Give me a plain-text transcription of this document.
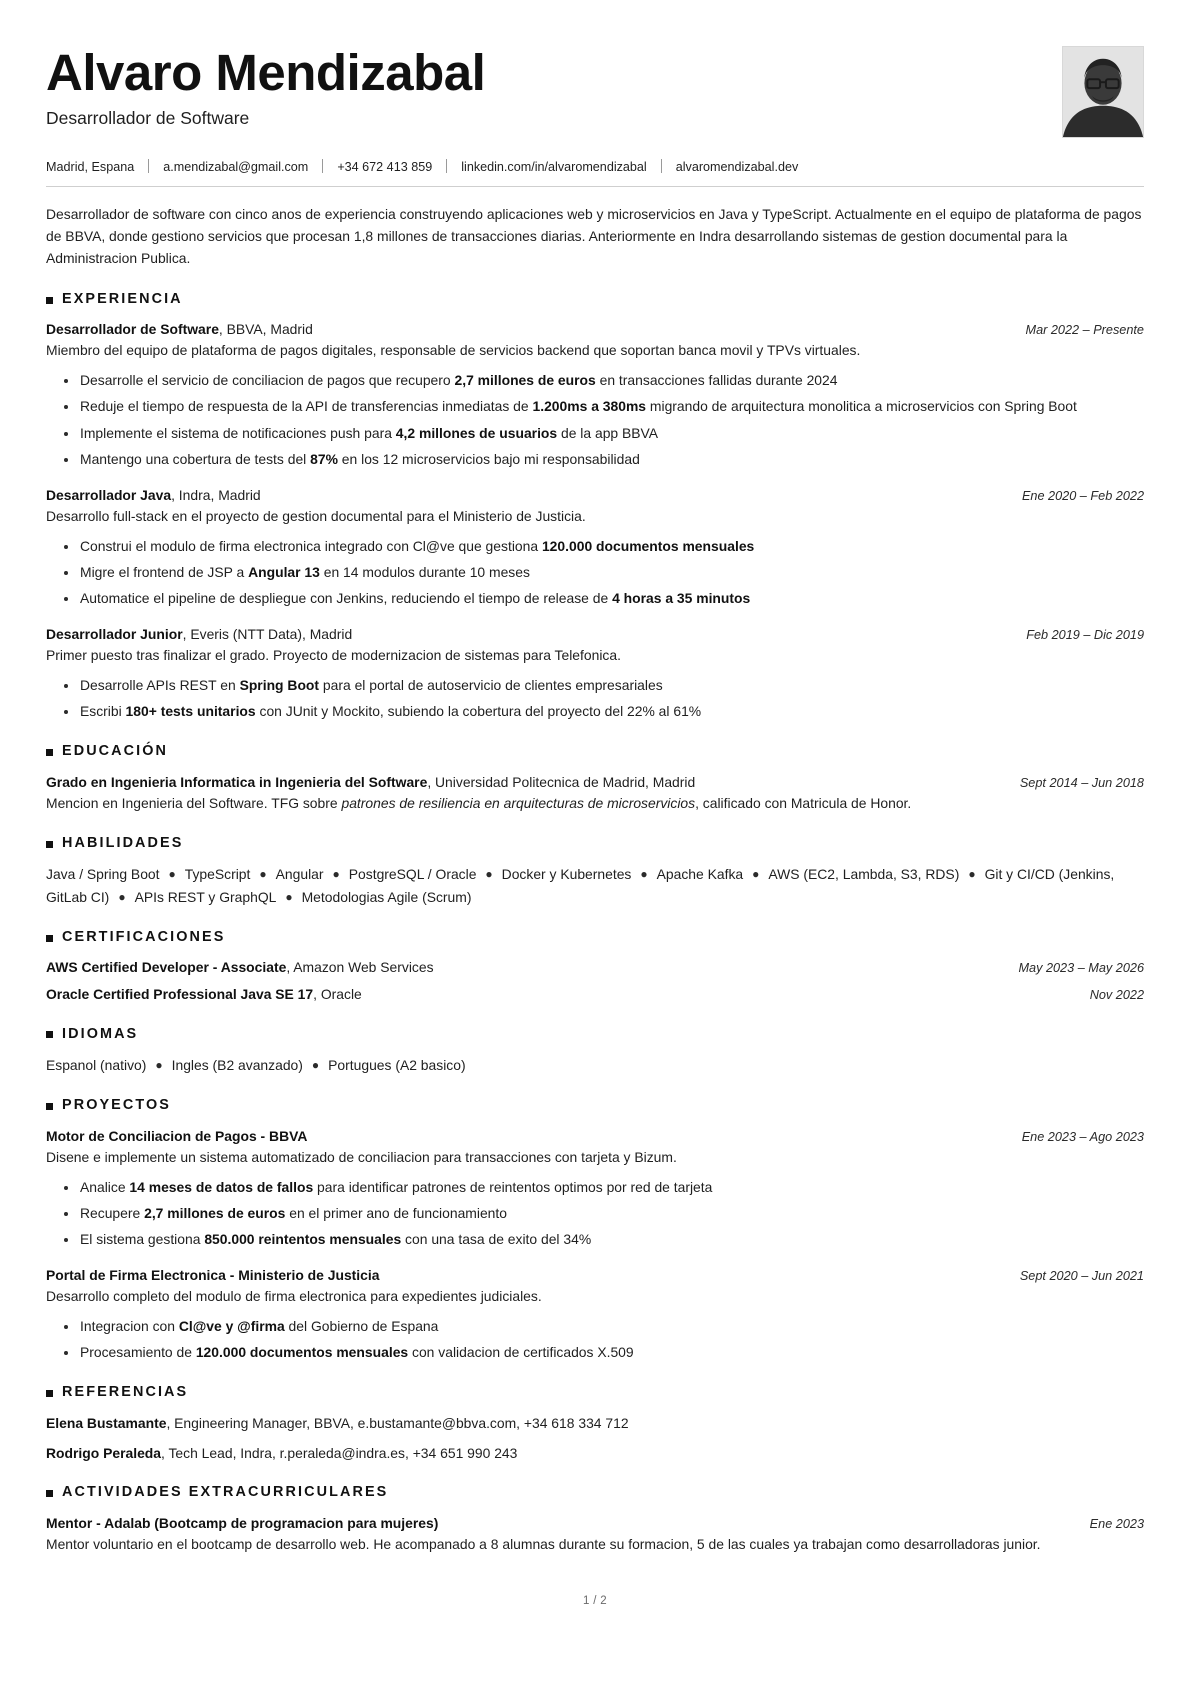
Alvaro Mendizabal
Desarrollador de Software
Madrid, Espana a.mendizabal@gmail.com +34 672 413 859 linkedin.com/in/alvaromendizabal alvaromendizabal.dev
Desarrollador de software con cinco anos de experiencia construyendo aplicaciones web y microservicios en Java y TypeScript. Actualmente en el equipo de plataforma de pagos de BBVA, donde gestiono servicios que procesan 1,8 millones de transacciones diarias. Anteriormente en Indra desarrollando sistemas de gestion documental para la Administracion Publica.
EXPERIENCIA
Desarrollador de Software, BBVA, Madrid	Mar 2022 – Presente
Miembro del equipo de plataforma de pagos digitales, responsable de servicios backend que soportan banca movil y TPVs virtuales.
Desarrolle el servicio de conciliacion de pagos que recupero 2,7 millones de euros en transacciones fallidas durante 2024
Reduje el tiempo de respuesta de la API de transferencias inmediatas de 1.200ms a 380ms migrando de arquitectura monolitica a microservicios con Spring Boot
Implemente el sistema de notificaciones push para 4,2 millones de usuarios de la app BBVA
Mantengo una cobertura de tests del 87% en los 12 microservicios bajo mi responsabilidad
Desarrollador Java, Indra, Madrid	Ene 2020 – Feb 2022
Desarrollo full-stack en el proyecto de gestion documental para el Ministerio de Justicia.
Construi el modulo de firma electronica integrado con Cl@ve que gestiona 120.000 documentos mensuales
Migre el frontend de JSP a Angular 13 en 14 modulos durante 10 meses
Automatice el pipeline de despliegue con Jenkins, reduciendo el tiempo de release de 4 horas a 35 minutos
Desarrollador Junior, Everis (NTT Data), Madrid	Feb 2019 – Dic 2019
Primer puesto tras finalizar el grado. Proyecto de modernizacion de sistemas para Telefonica.
Desarrolle APIs REST en Spring Boot para el portal de autoservicio de clientes empresariales
Escribi 180+ tests unitarios con JUnit y Mockito, subiendo la cobertura del proyecto del 22% al 61%
EDUCACIÓN
Grado en Ingenieria Informatica in Ingenieria del Software, Universidad Politecnica de Madrid, Madrid	Sept 2014 – Jun 2018
Mencion en Ingenieria del Software. TFG sobre patrones de resiliencia en arquitecturas de microservicios, calificado con Matricula de Honor.
HABILIDADES
Java / Spring Boot ● TypeScript ● Angular ● PostgreSQL / Oracle ● Docker y Kubernetes ● Apache Kafka ● AWS (EC2, Lambda, S3, RDS) ● Git y CI/CD (Jenkins, GitLab CI) ● APIs REST y GraphQL ● Metodologias Agile (Scrum)
CERTIFICACIONES
AWS Certified Developer - Associate, Amazon Web Services	May 2023 – May 2026
Oracle Certified Professional Java SE 17, Oracle	Nov 2022
IDIOMAS
Espanol (nativo) ● Ingles (B2 avanzado) ● Portugues (A2 basico)
PROYECTOS
Motor de Conciliacion de Pagos - BBVA	Ene 2023 – Ago 2023
Disene e implemente un sistema automatizado de conciliacion para transacciones con tarjeta y Bizum.
Analice 14 meses de datos de fallos para identificar patrones de reintentos optimos por red de tarjeta
Recupere 2,7 millones de euros en el primer ano de funcionamiento
El sistema gestiona 850.000 reintentos mensuales con una tasa de exito del 34%
Portal de Firma Electronica - Ministerio de Justicia	Sept 2020 – Jun 2021
Desarrollo completo del modulo de firma electronica para expedientes judiciales.
Integracion con Cl@ve y @firma del Gobierno de Espana
Procesamiento de 120.000 documentos mensuales con validacion de certificados X.509
REFERENCIAS
Elena Bustamante, Engineering Manager, BBVA, e.bustamante@bbva.com, +34 618 334 712
Rodrigo Peraleda, Tech Lead, Indra, r.peraleda@indra.es, +34 651 990 243
ACTIVIDADES EXTRACURRICULARES
Mentor - Adalab (Bootcamp de programacion para mujeres)	Ene 2023
Mentor voluntario en el bootcamp de desarrollo web. He acompanado a 8 alumnas durante su formacion, 5 de las cuales ya trabajan como desarrolladoras junior.
1 / 2
